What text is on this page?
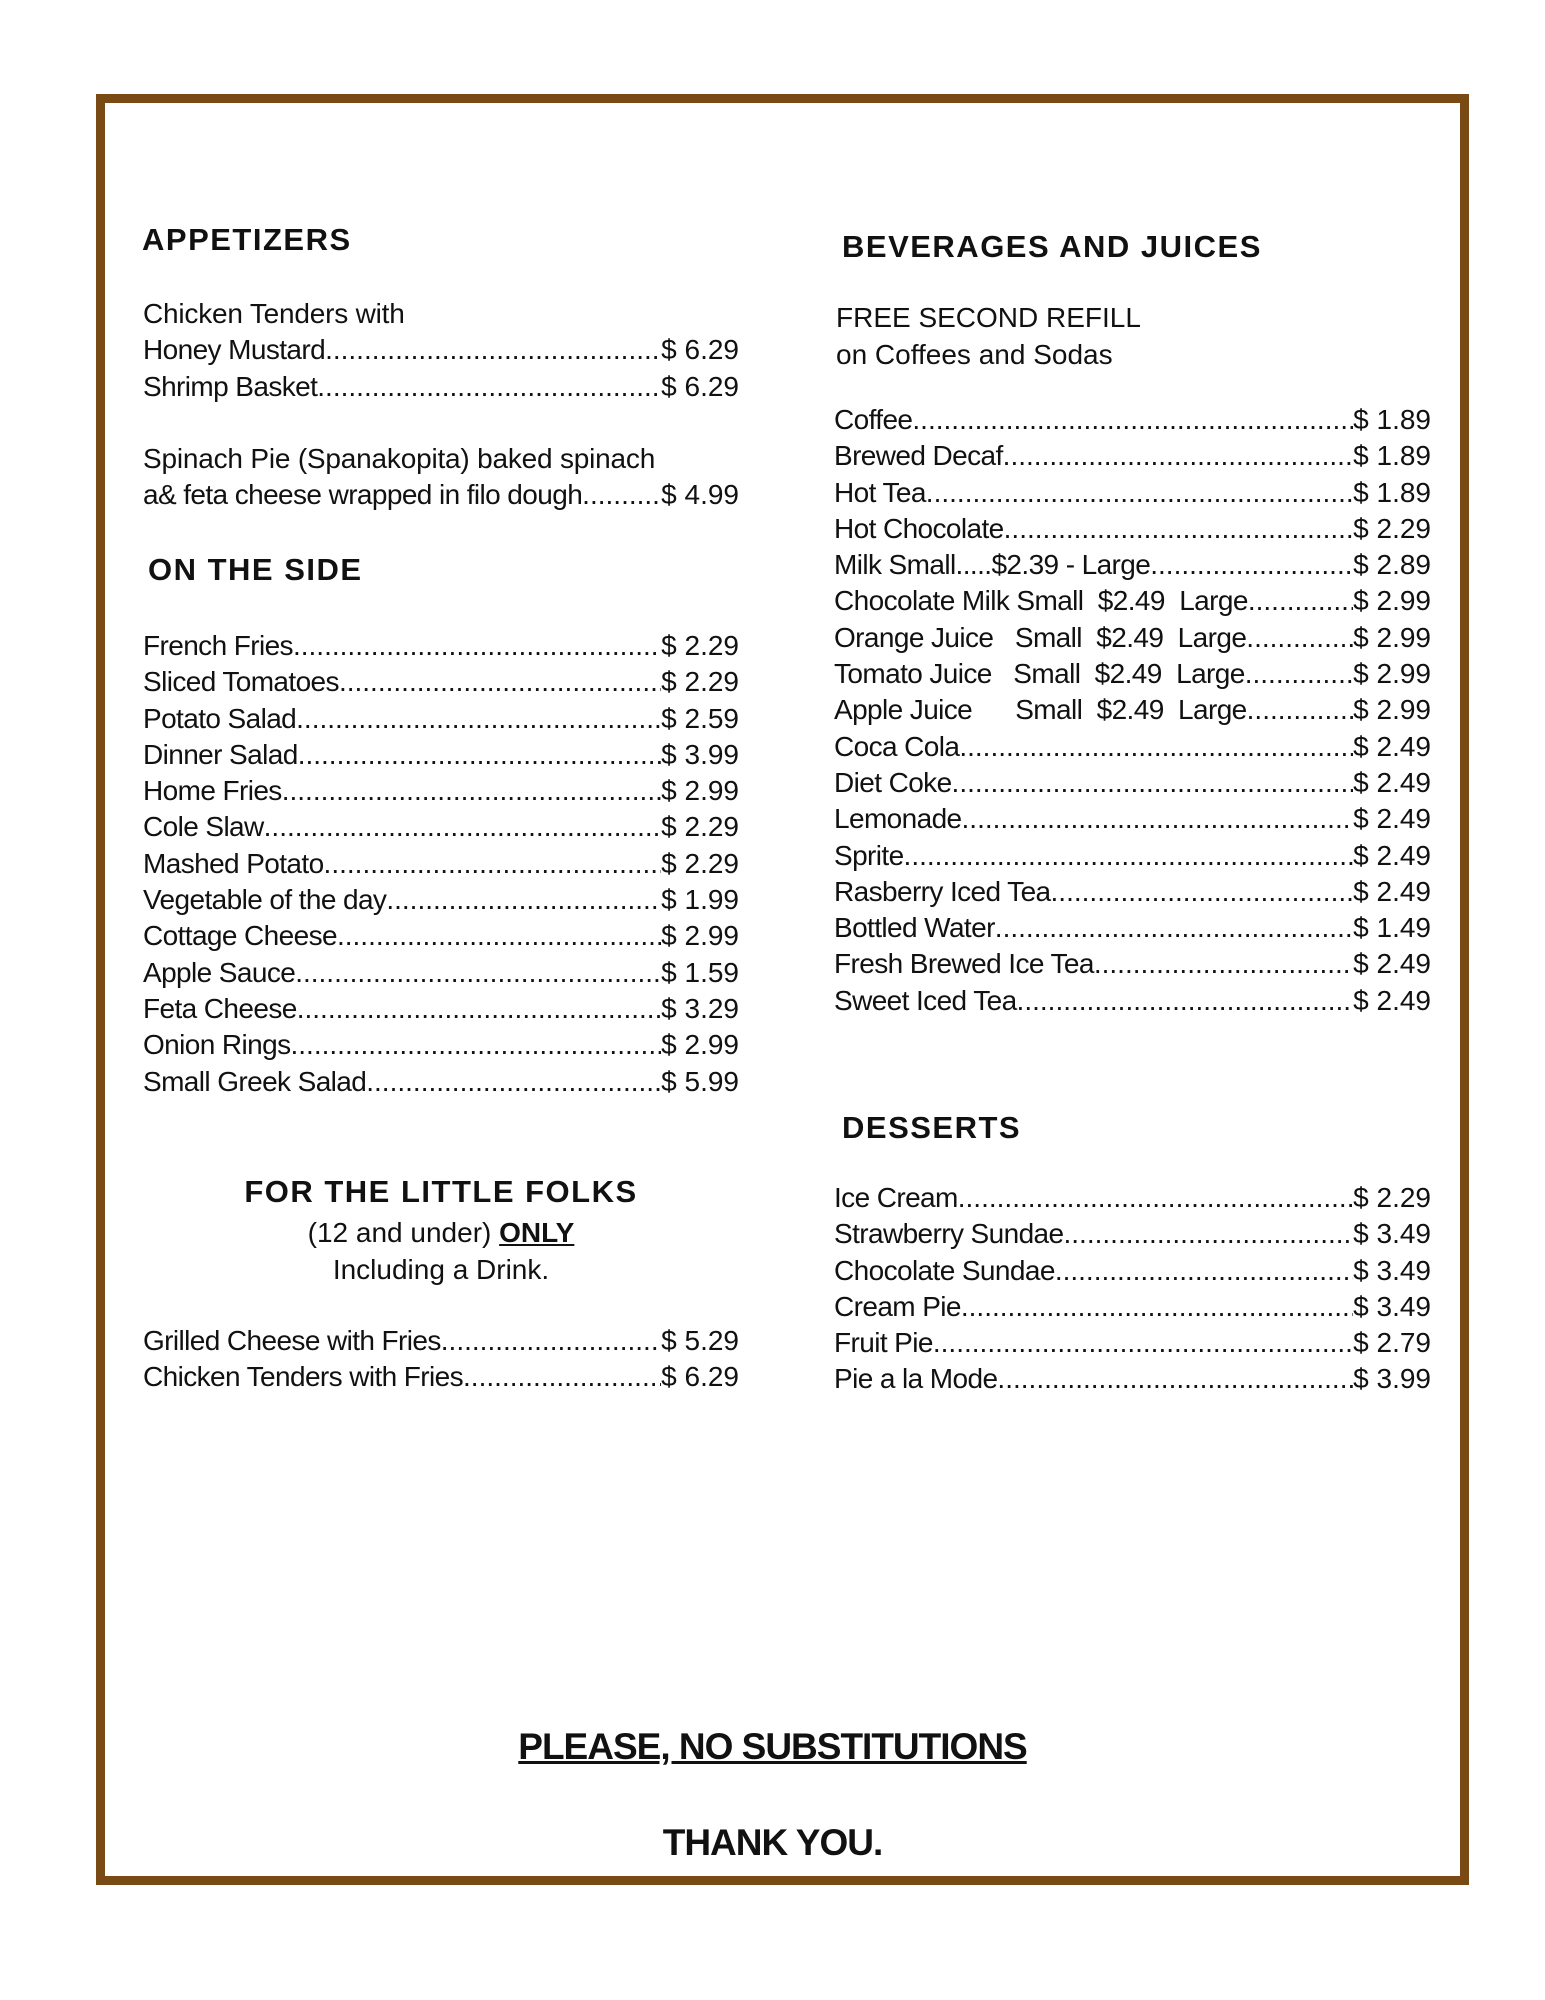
APPETIZERS
Chicken Tenders with
Honey Mustard .....	$ 6.29
Shrimp Basket .....	$ 6.29
Spinach Pie (Spanakopita) baked spinach
a& feta cheese wrapped in filo dough .....	$ 4.99
ON THE SIDE
French Fries .....	$ 2.29
Sliced Tomatoes .....	$ 2.29
Potato Salad .....	$ 2.59
Dinner Salad .....	$ 3.99
Home Fries .....	$ 2.99
Cole Slaw .....	$ 2.29
Mashed Potato .....	$ 2.29
Vegetable of the day .....	$ 1.99
Cottage Cheese .....	$ 2.99
Apple Sauce .....	$ 1.59
Feta Cheese .....	$ 3.29
Onion Rings .....	$ 2.99
Small Greek Salad .....	$ 5.99
FOR THE LITTLE FOLKS
(12 and under) ONLY
Including a Drink.
Grilled Cheese with Fries .....	$ 5.29
Chicken Tenders with Fries .....	$ 6.29
BEVERAGES AND JUICES
FREE SECOND REFILL
on Coffees and Sodas
Coffee .....	$ 1.89
Brewed Decaf .....	$ 1.89
Hot Tea .....	$ 1.89
Hot Chocolate .....	$ 2.29
Milk Small.....$2.39 - Large .....	$ 2.89
Chocolate Milk Small  $2.49  Large .....	$ 2.99
Orange Juice   Small  $2.49  Large .....	$ 2.99
Tomato Juice   Small  $2.49  Large .....	$ 2.99
Apple Juice      Small  $2.49  Large .....	$ 2.99
Coca Cola .....	$ 2.49
Diet Coke .....	$ 2.49
Lemonade .....	$ 2.49
Sprite .....	$ 2.49
Rasberry Iced Tea .....	$ 2.49
Bottled Water .....	$ 1.49
Fresh Brewed Ice Tea .....	$ 2.49
Sweet Iced Tea .....	$ 2.49
DESSERTS
Ice Cream .....	$ 2.29
Strawberry Sundae .....	$ 3.49
Chocolate Sundae .....	$ 3.49
Cream Pie .....	$ 3.49
Fruit Pie .....	$ 2.79
Pie a la Mode .....	$ 3.99
PLEASE, NO SUBSTITUTIONS
THANK YOU.
